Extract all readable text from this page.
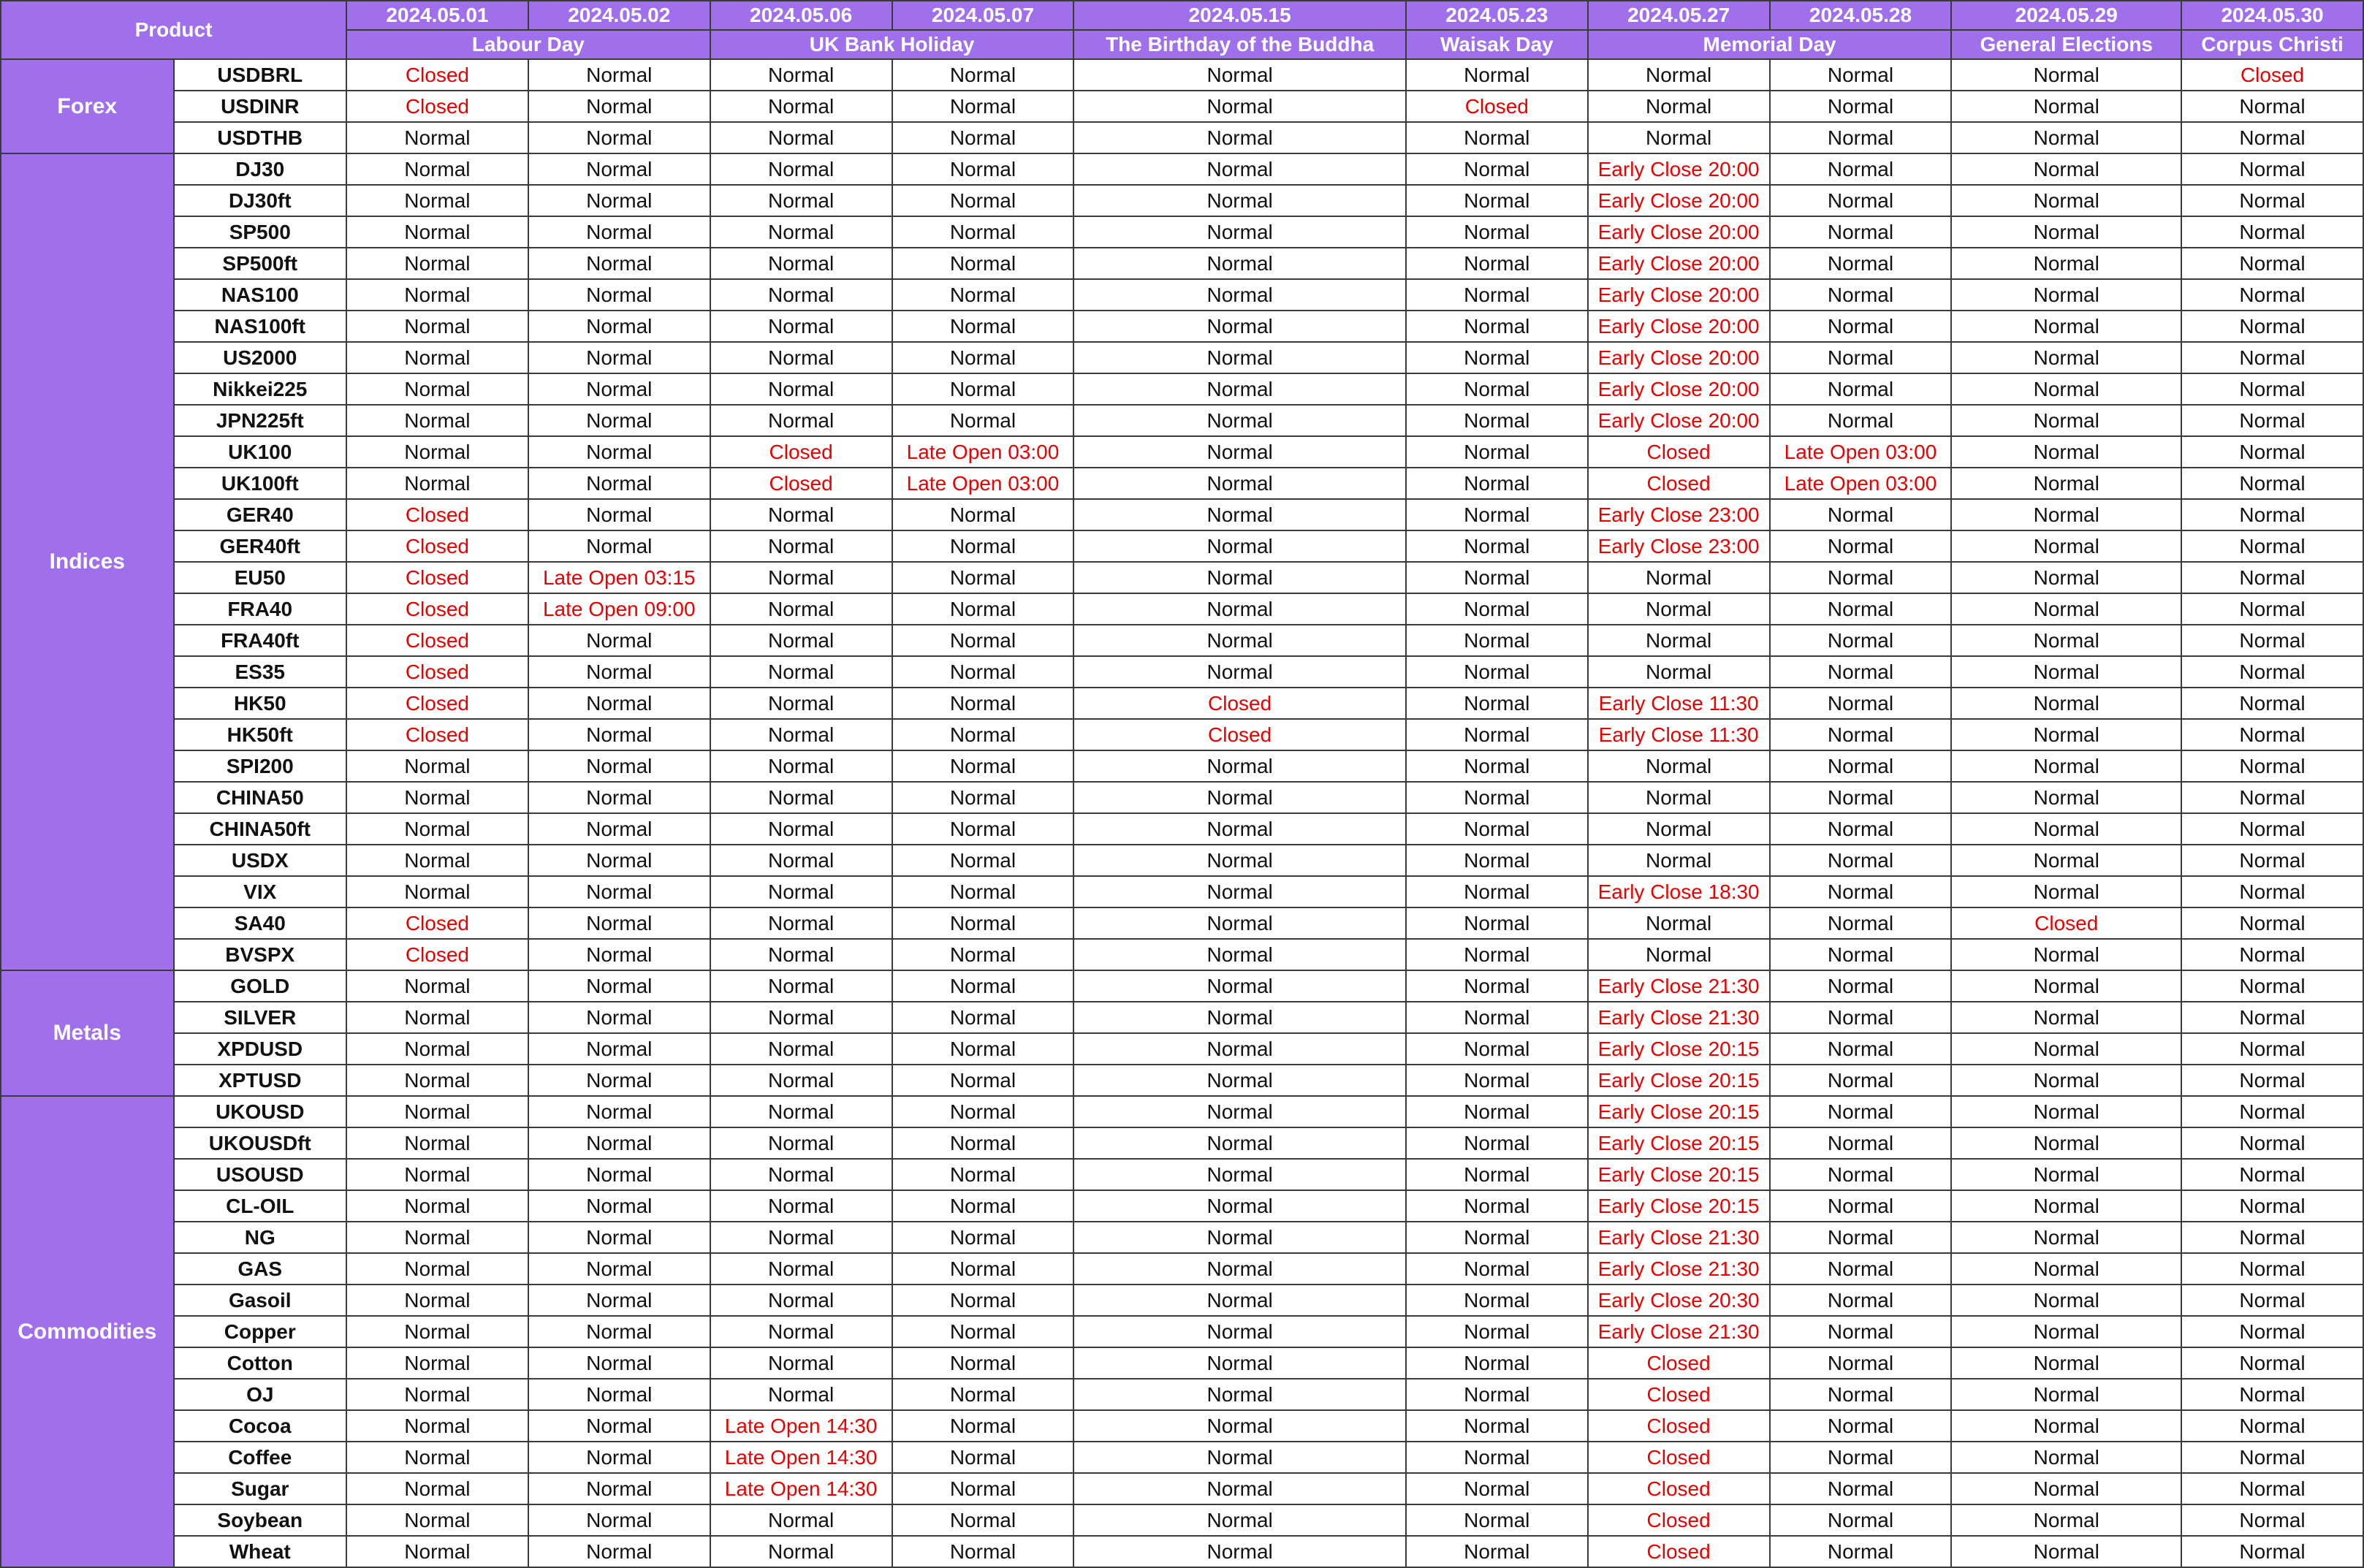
Product		2024.05.01	2024.05.02	2024.05.06	2024.05.07	2024.05.15	2024.05.23	2024.05.27	2024.05.28	2024.05.29	2024.05.30
		Labour Day		UK Bank Holiday		The Birthday of the Buddha	Waisak Day	Memorial Day		General Elections	Corpus Christi
Forex	USDBRL	Closed	Normal	Normal	Normal	Normal	Normal	Normal	Normal	Normal	Closed
	USDINR	Closed	Normal	Normal	Normal	Normal	Closed	Normal	Normal	Normal	Normal
	USDTHB	Normal	Normal	Normal	Normal	Normal	Normal	Normal	Normal	Normal	Normal
Indices	DJ30	Normal	Normal	Normal	Normal	Normal	Normal	Early Close 20:00	Normal	Normal	Normal
	DJ30ft	Normal	Normal	Normal	Normal	Normal	Normal	Early Close 20:00	Normal	Normal	Normal
	SP500	Normal	Normal	Normal	Normal	Normal	Normal	Early Close 20:00	Normal	Normal	Normal
	SP500ft	Normal	Normal	Normal	Normal	Normal	Normal	Early Close 20:00	Normal	Normal	Normal
	NAS100	Normal	Normal	Normal	Normal	Normal	Normal	Early Close 20:00	Normal	Normal	Normal
	NAS100ft	Normal	Normal	Normal	Normal	Normal	Normal	Early Close 20:00	Normal	Normal	Normal
	US2000	Normal	Normal	Normal	Normal	Normal	Normal	Early Close 20:00	Normal	Normal	Normal
	Nikkei225	Normal	Normal	Normal	Normal	Normal	Normal	Early Close 20:00	Normal	Normal	Normal
	JPN225ft	Normal	Normal	Normal	Normal	Normal	Normal	Early Close 20:00	Normal	Normal	Normal
	UK100	Normal	Normal	Closed	Late Open 03:00	Normal	Normal	Closed	Late Open 03:00	Normal	Normal
	UK100ft	Normal	Normal	Closed	Late Open 03:00	Normal	Normal	Closed	Late Open 03:00	Normal	Normal
	GER40	Closed	Normal	Normal	Normal	Normal	Normal	Early Close 23:00	Normal	Normal	Normal
	GER40ft	Closed	Normal	Normal	Normal	Normal	Normal	Early Close 23:00	Normal	Normal	Normal
	EU50	Closed	Late Open 03:15	Normal	Normal	Normal	Normal	Normal	Normal	Normal	Normal
	FRA40	Closed	Late Open 09:00	Normal	Normal	Normal	Normal	Normal	Normal	Normal	Normal
	FRA40ft	Closed	Normal	Normal	Normal	Normal	Normal	Normal	Normal	Normal	Normal
	ES35	Closed	Normal	Normal	Normal	Normal	Normal	Normal	Normal	Normal	Normal
	HK50	Closed	Normal	Normal	Normal	Closed	Normal	Early Close 11:30	Normal	Normal	Normal
	HK50ft	Closed	Normal	Normal	Normal	Closed	Normal	Early Close 11:30	Normal	Normal	Normal
	SPI200	Normal	Normal	Normal	Normal	Normal	Normal	Normal	Normal	Normal	Normal
	CHINA50	Normal	Normal	Normal	Normal	Normal	Normal	Normal	Normal	Normal	Normal
	CHINA50ft	Normal	Normal	Normal	Normal	Normal	Normal	Normal	Normal	Normal	Normal
	USDX	Normal	Normal	Normal	Normal	Normal	Normal	Normal	Normal	Normal	Normal
	VIX	Normal	Normal	Normal	Normal	Normal	Normal	Early Close 18:30	Normal	Normal	Normal
	SA40	Closed	Normal	Normal	Normal	Normal	Normal	Normal	Normal	Closed	Normal
	BVSPX	Closed	Normal	Normal	Normal	Normal	Normal	Normal	Normal	Normal	Normal
Metals	GOLD	Normal	Normal	Normal	Normal	Normal	Normal	Early Close 21:30	Normal	Normal	Normal
	SILVER	Normal	Normal	Normal	Normal	Normal	Normal	Early Close 21:30	Normal	Normal	Normal
	XPDUSD	Normal	Normal	Normal	Normal	Normal	Normal	Early Close 20:15	Normal	Normal	Normal
	XPTUSD	Normal	Normal	Normal	Normal	Normal	Normal	Early Close 20:15	Normal	Normal	Normal
Commodities	UKOUSD	Normal	Normal	Normal	Normal	Normal	Normal	Early Close 20:15	Normal	Normal	Normal
	UKOUSDft	Normal	Normal	Normal	Normal	Normal	Normal	Early Close 20:15	Normal	Normal	Normal
	USOUSD	Normal	Normal	Normal	Normal	Normal	Normal	Early Close 20:15	Normal	Normal	Normal
	CL-OIL	Normal	Normal	Normal	Normal	Normal	Normal	Early Close 20:15	Normal	Normal	Normal
	NG	Normal	Normal	Normal	Normal	Normal	Normal	Early Close 21:30	Normal	Normal	Normal
	GAS	Normal	Normal	Normal	Normal	Normal	Normal	Early Close 21:30	Normal	Normal	Normal
	Gasoil	Normal	Normal	Normal	Normal	Normal	Normal	Early Close 20:30	Normal	Normal	Normal
	Copper	Normal	Normal	Normal	Normal	Normal	Normal	Early Close 21:30	Normal	Normal	Normal
	Cotton	Normal	Normal	Normal	Normal	Normal	Normal	Closed	Normal	Normal	Normal
	OJ	Normal	Normal	Normal	Normal	Normal	Normal	Closed	Normal	Normal	Normal
	Cocoa	Normal	Normal	Late Open 14:30	Normal	Normal	Normal	Closed	Normal	Normal	Normal
	Coffee	Normal	Normal	Late Open 14:30	Normal	Normal	Normal	Closed	Normal	Normal	Normal
	Sugar	Normal	Normal	Late Open 14:30	Normal	Normal	Normal	Closed	Normal	Normal	Normal
	Soybean	Normal	Normal	Normal	Normal	Normal	Normal	Closed	Normal	Normal	Normal
	Wheat	Normal	Normal	Normal	Normal	Normal	Normal	Closed	Normal	Normal	Normal
